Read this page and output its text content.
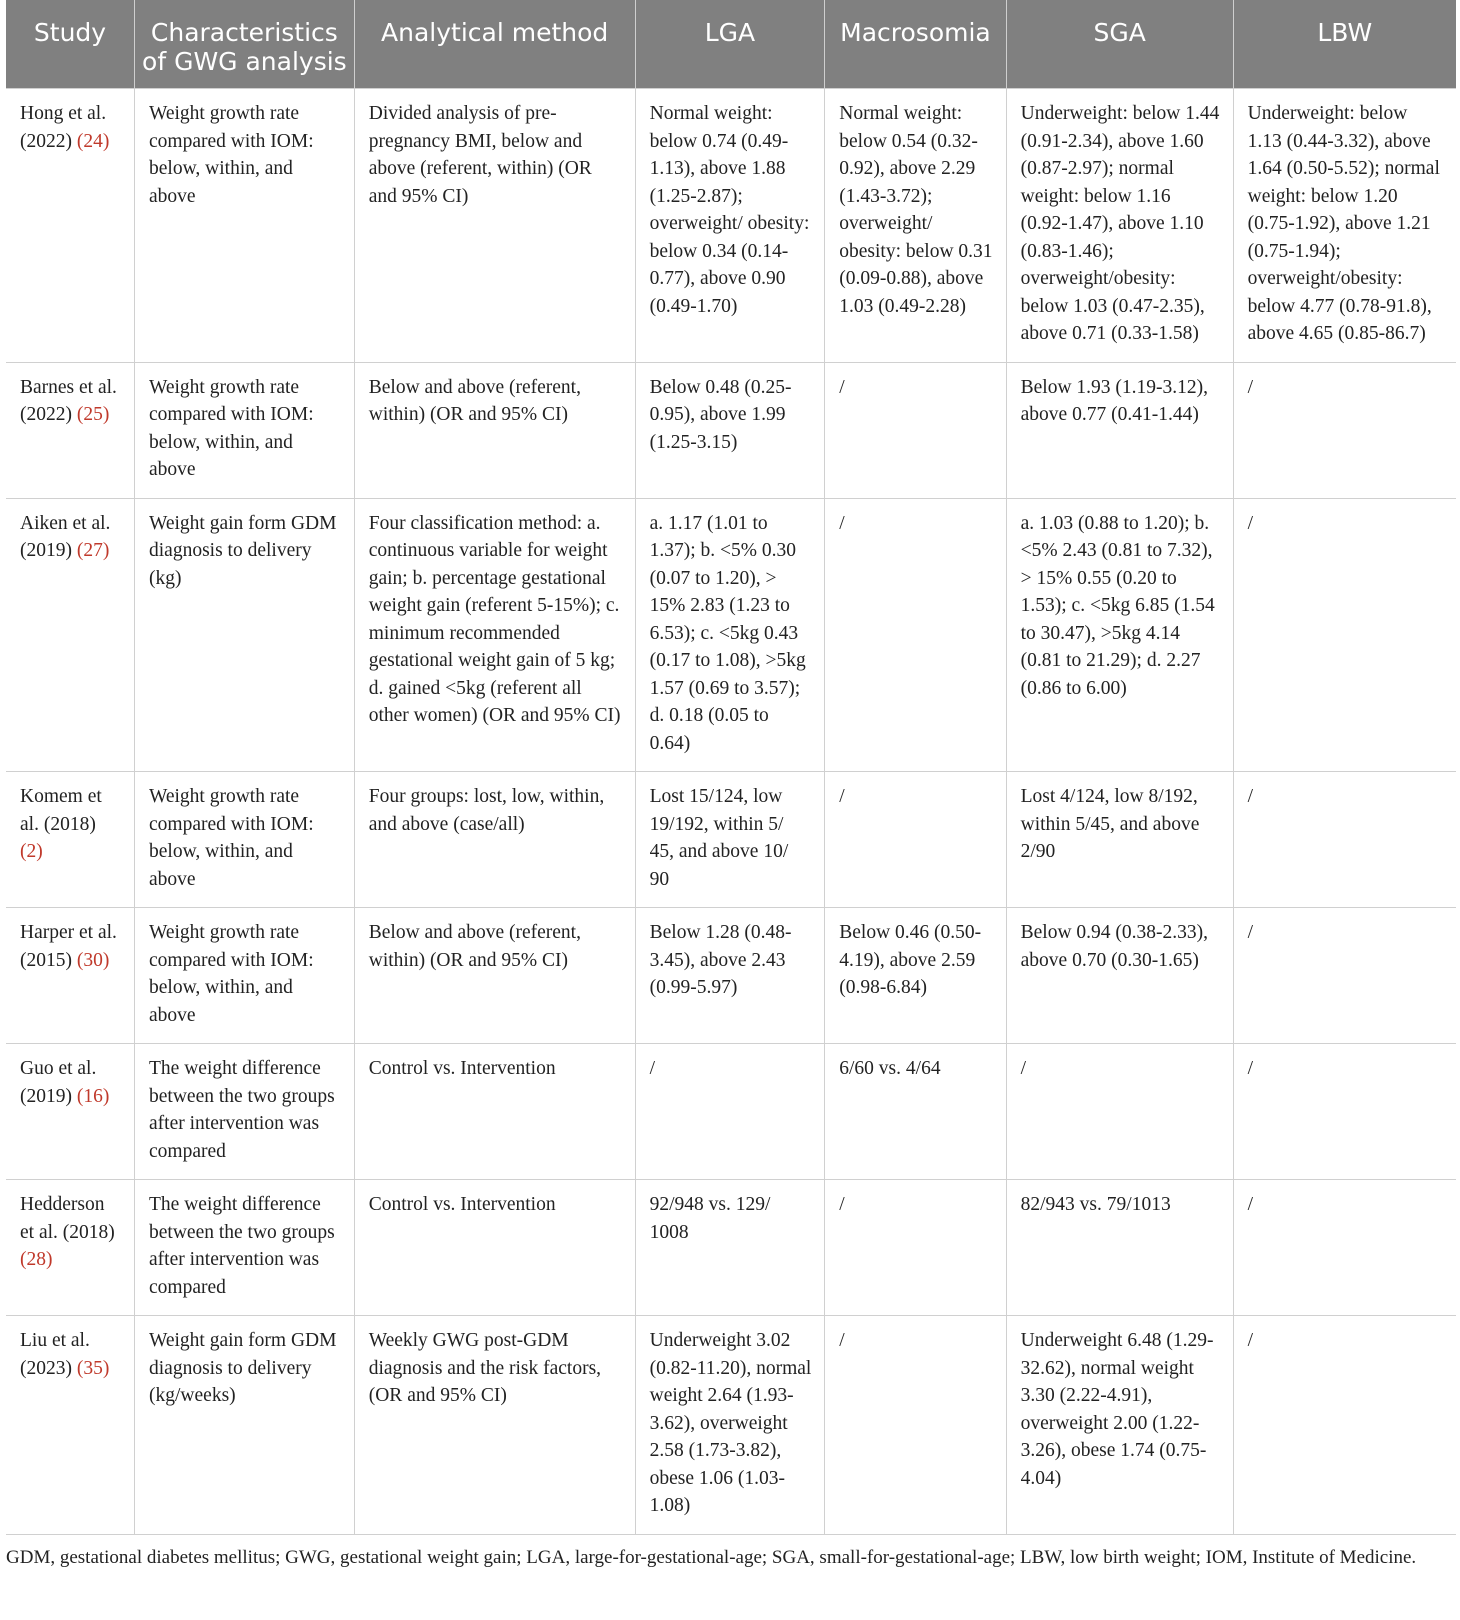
Study	Characteristics of GWG analysis	Analytical method	LGA	Macrosomia	SGA	LBW
Hong et al. (2022) (24)	Weight growth rate compared with IOM: below, within, and above	Divided analysis of pre-pregnancy BMI, below and above (referent, within) (OR and 95% CI)	Normal weight: below 0.74 (0.49-1.13), above 1.88 (1.25-2.87); overweight/ obesity: below 0.34 (0.14-0.77), above 0.90 (0.49-1.70)	Normal weight: below 0.54 (0.32-0.92), above 2.29 (1.43-3.72); overweight/ obesity: below 0.31 (0.09-0.88), above 1.03 (0.49-2.28)	Underweight: below 1.44 (0.91-2.34), above 1.60 (0.87-2.97); normal weight: below 1.16 (0.92-1.47), above 1.10 (0.83-1.46); overweight/obesity: below 1.03 (0.47-2.35), above 0.71 (0.33-1.58)	Underweight: below 1.13 (0.44-3.32), above 1.64 (0.50-5.52); normal weight: below 1.20 (0.75-1.92), above 1.21 (0.75-1.94); overweight/obesity: below 4.77 (0.78-91.8), above 4.65 (0.85-86.7)
Barnes et al. (2022) (25)	Weight growth rate compared with IOM: below, within, and above	Below and above (referent, within) (OR and 95% CI)	Below 0.48 (0.25-0.95), above 1.99 (1.25-3.15)	/	Below 1.93 (1.19-3.12), above 0.77 (0.41-1.44)	/
Aiken et al. (2019) (27)	Weight gain form GDM diagnosis to delivery (kg)	Four classification method: a. continuous variable for weight gain; b. percentage gestational weight gain (referent 5-15%); c. minimum recommended gestational weight gain of 5 kg; d. gained <5kg (referent all other women) (OR and 95% CI)	a. 1.17 (1.01 to 1.37); b. <5% 0.30 (0.07 to 1.20), > 15% 2.83 (1.23 to 6.53); c. <5kg 0.43 (0.17 to 1.08), >5kg 1.57 (0.69 to 3.57); d. 0.18 (0.05 to 0.64)	/	a. 1.03 (0.88 to 1.20); b. <5% 2.43 (0.81 to 7.32), > 15% 0.55 (0.20 to 1.53); c. <5kg 6.85 (1.54 to 30.47), >5kg 4.14 (0.81 to 21.29); d. 2.27 (0.86 to 6.00)	/
Komem et al. (2018) (2)	Weight growth rate compared with IOM: below, within, and above	Four groups: lost, low, within, and above (case/all)	Lost 15/124, low 19/192, within 5/ 45, and above 10/ 90	/	Lost 4/124, low 8/192, within 5/45, and above 2/90	/
Harper et al. (2015) (30)	Weight growth rate compared with IOM: below, within, and above	Below and above (referent, within) (OR and 95% CI)	Below 1.28 (0.48-3.45), above 2.43 (0.99-5.97)	Below 0.46 (0.50-4.19), above 2.59 (0.98-6.84)	Below 0.94 (0.38-2.33), above 0.70 (0.30-1.65)	/
Guo et al. (2019) (16)	The weight difference between the two groups after intervention was compared	Control vs. Intervention	/	6/60 vs. 4/64	/	/
Hedderson et al. (2018) (28)	The weight difference between the two groups after intervention was compared	Control vs. Intervention	92/948 vs. 129/ 1008	/	82/943 vs. 79/1013	/
Liu et al. (2023) (35)	Weight gain form GDM diagnosis to delivery (kg/weeks)	Weekly GWG post-GDM diagnosis and the risk factors, (OR and 95% CI)	Underweight 3.02 (0.82-11.20), normal weight 2.64 (1.93-3.62), overweight 2.58 (1.73-3.82), obese 1.06 (1.03-1.08)	/	Underweight 6.48 (1.29-32.62), normal weight 3.30 (2.22-4.91), overweight 2.00 (1.22-3.26), obese 1.74 (0.75-4.04)	/
GDM, gestational diabetes mellitus; GWG, gestational weight gain; LGA, large-for-gestational-age; SGA, small-for-gestational-age; LBW, low birth weight; IOM, Institute of Medicine.
